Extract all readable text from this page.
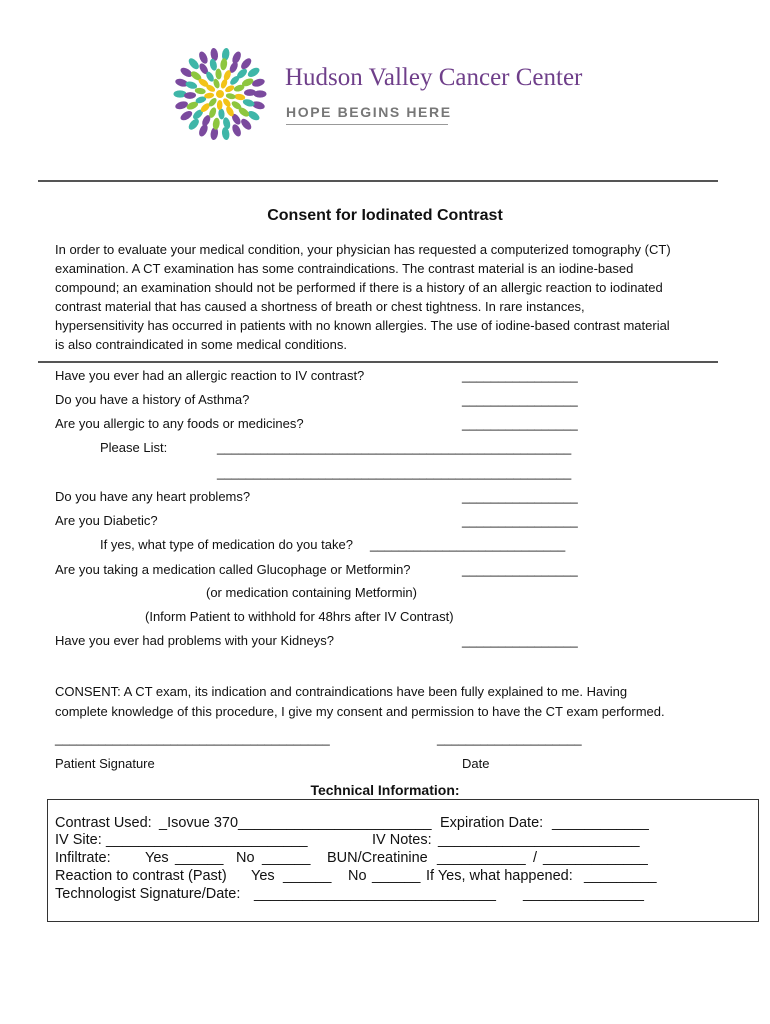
Hudson Valley Cancer Center
HOPE BEGINS HERE
Consent for Iodinated Contrast
In order to evaluate your medical condition, your physician has requested a computerized tomography (CT)
examination. A CT examination has some contraindications. The contrast material is an iodine-based
compound; an examination should not be performed if there is a history of an allergic reaction to iodinated
contrast material that has caused a shortness of breath or chest tightness. In rare instances,
hypersensitivity has occurred in patients with no known allergies. The use of iodine-based contrast material
is also contraindicated in some medical conditions.
Have you ever had an allergic reaction to IV contrast?	________________
Do you have a history of Asthma?	________________
Are you allergic to any foods or medicines?	________________
Please List:	_________________________________________________
_________________________________________________
Do you have any heart problems?	________________
Are you Diabetic?	________________
If yes, what type of medication do you take? ___________________________
Are you taking a medication called Glucophage or Metformin?	________________
(or medication containing Metformin)
(Inform Patient to withhold for 48hrs after IV Contrast)
Have you ever had problems with your Kidneys?	________________
CONSENT: A CT exam, its indication and contraindications have been fully explained to me. Having
complete knowledge of this procedure, I give my consent and permission to have the CT exam performed.
______________________________________	____________________
Patient Signature	Date
Technical Information:
Contrast Used: _Isovue 370________________________ Expiration Date: ____________
IV Site: _________________________	IV Notes: _________________________
Infiltrate: Yes ______ No ______ BUN/Creatinine ___________ / _____________
Reaction to contrast (Past) Yes ______ No ______ If Yes, what happened: _________
Technologist Signature/Date: ______________________________ _______________
